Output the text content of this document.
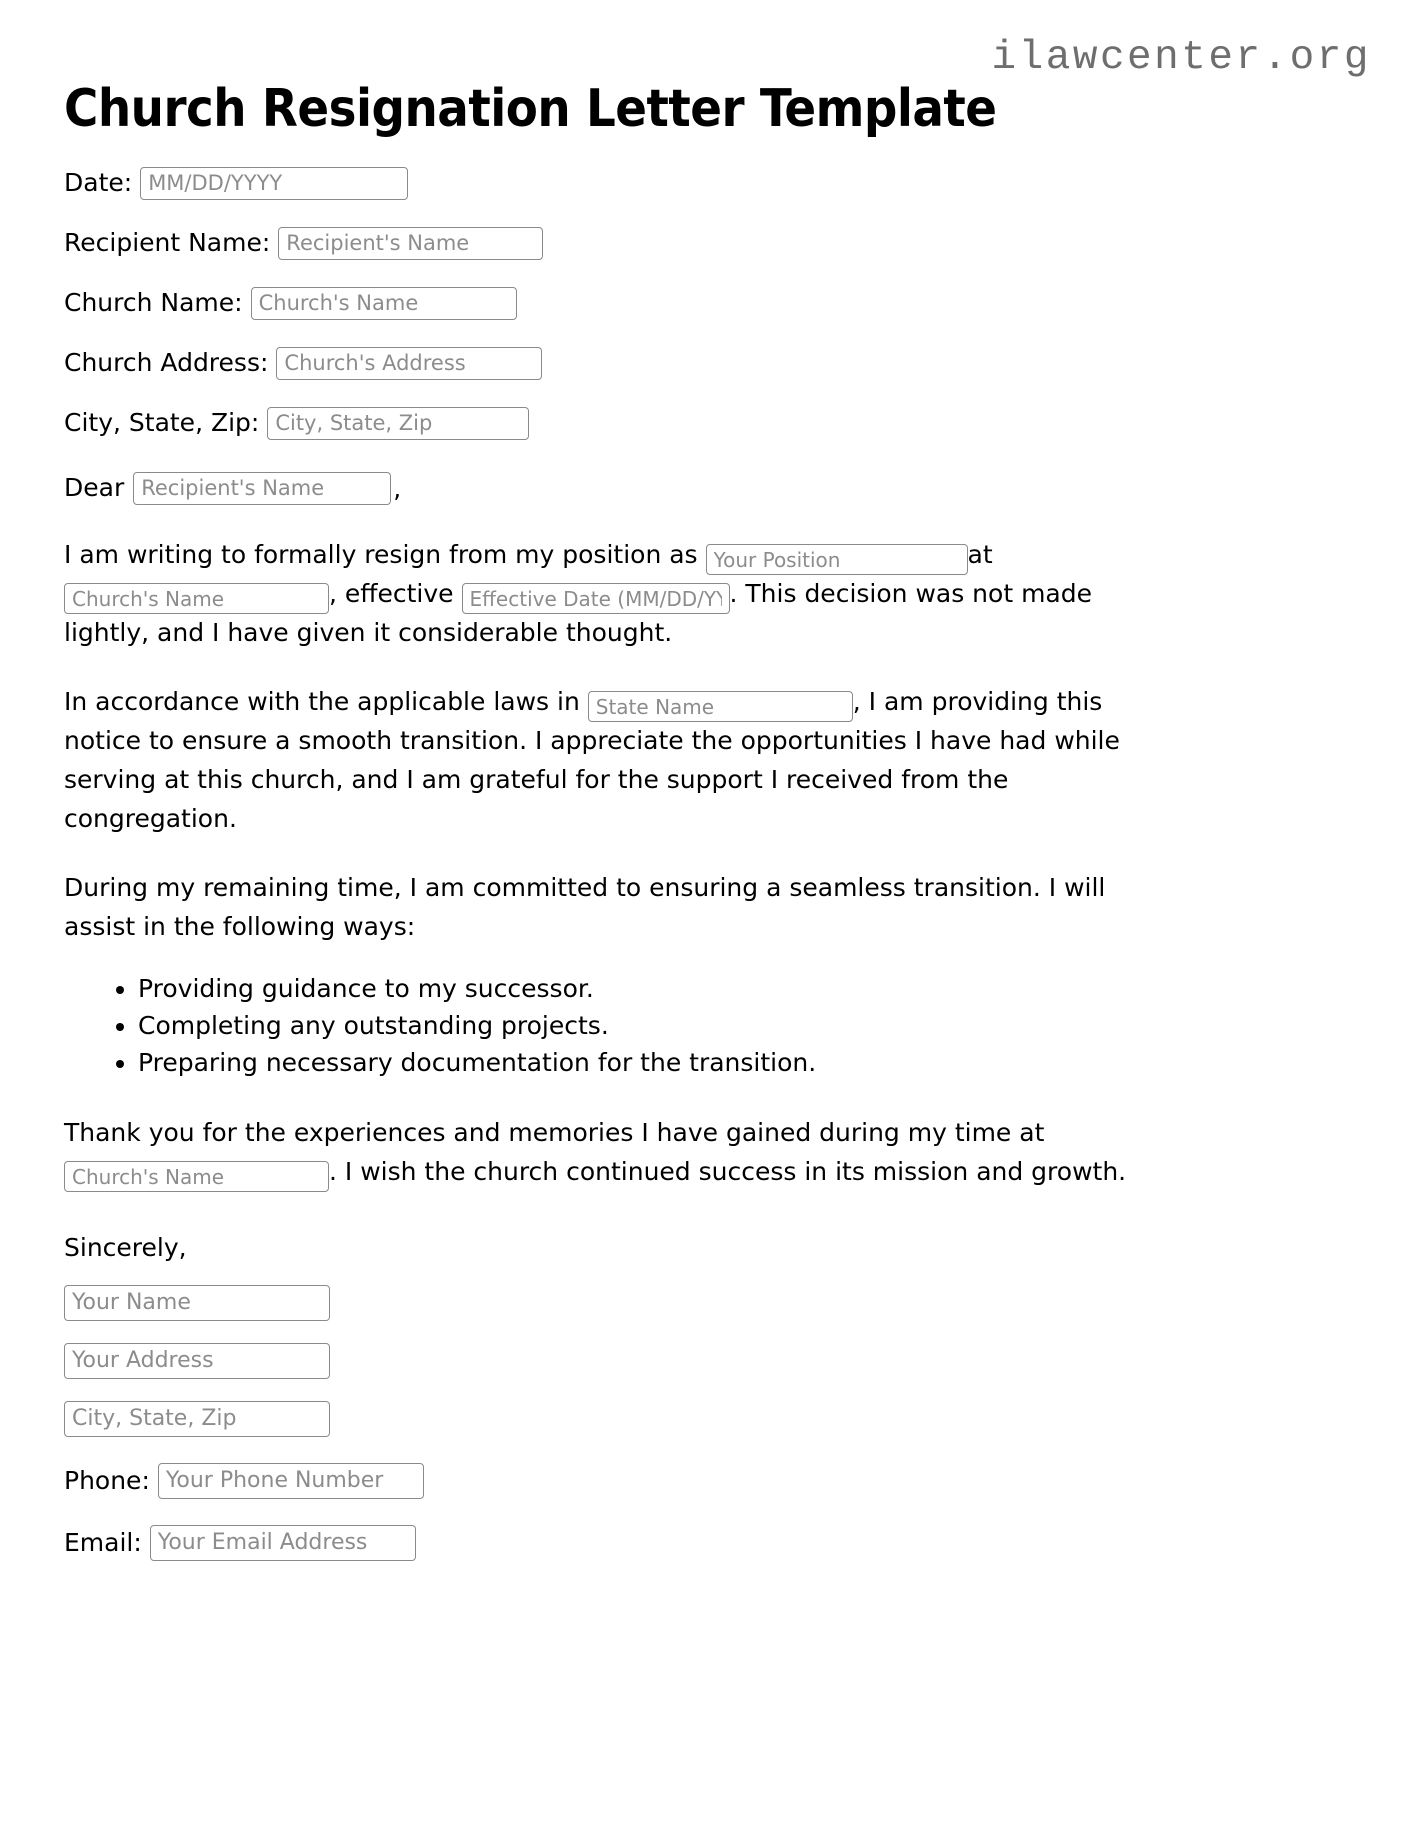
ilawcenter.org
Church Resignation Letter Template
Date:
MM/DD/YYYY
Recipient Name:
Recipient's Name
Church Name:
Church's Name
Church Address:
Church's Address
City, State, Zip:
City, State, Zip
Dear
Recipient's Name	,

I am writing to formally resign from my position as Your Position	at Church's Name, effective Effective Date (MM/DD/YYYY)	. This decision was not made lightly, and I have given it considerable thought.

In accordance with the applicable laws in State Name	, I am providing this notice to ensure a smooth transition. I appreciate the opportunities I have had while serving at this church, and I am grateful for the support I received from the congregation.

During my remaining time, I am committed to ensuring a seamless transition. I will assist in the following ways:

• Providing guidance to my successor.
• Completing any outstanding projects.
• Preparing necessary documentation for the transition.

Thank you for the experiences and memories I have gained during my time at Church's Name. I wish the church continued success in its mission and growth.

Sincerely,
Your Name
Your Address
City, State, Zip
Phone:
Your Phone Number
Email:
Your Email Address
